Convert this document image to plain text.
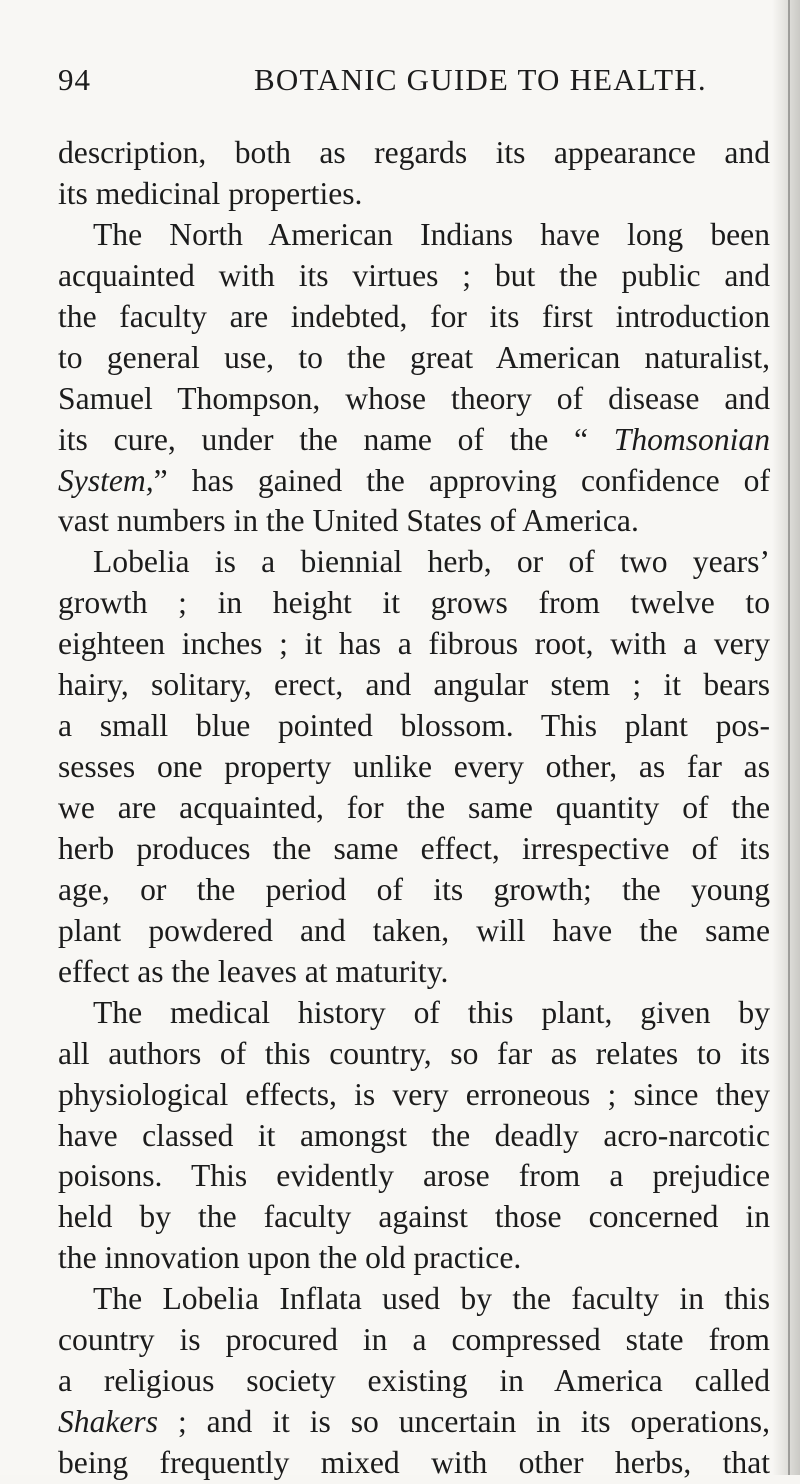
94	BOTANIC GUIDE TO HEALTH.
description, both as regards its appearance and
its medicinal properties.
The North American Indians have long been
acquainted with its virtues ; but the public and
the faculty are indebted, for its first introduction
to general use, to the great American naturalist,
Samuel Thompson, whose theory of disease and
its cure, under the name of the “ Thomsonian
System,” has gained the approving confidence of
vast numbers in the United States of America.
Lobelia is a biennial herb, or of two years’
growth ; in height it grows from twelve to
eighteen inches ; it has a fibrous root, with a very
hairy, solitary, erect, and angular stem ; it bears
a small blue pointed blossom. This plant pos-
sesses one property unlike every other, as far as
we are acquainted, for the same quantity of the
herb produces the same effect, irrespective of its
age, or the period of its growth; the young
plant powdered and taken, will have the same
effect as the leaves at maturity.
The medical history of this plant, given by
all authors of this country, so far as relates to its
physiological effects, is very erroneous ; since they
have classed it amongst the deadly acro-narcotic
poisons. This evidently arose from a prejudice
held by the faculty against those concerned in
the innovation upon the old practice.
The Lobelia Inflata used by the faculty in this
country is procured in a compressed state from
a religious society existing in America called
Shakers ; and it is so uncertain in its operations,
being frequently mixed with other herbs, that
